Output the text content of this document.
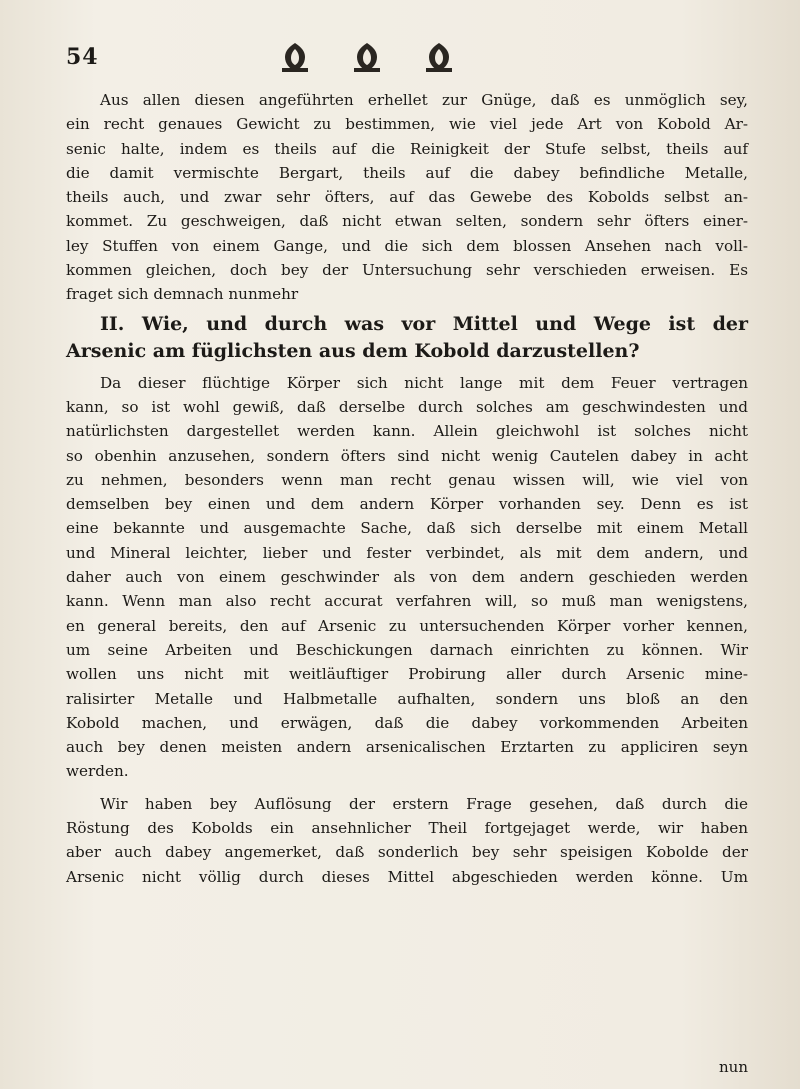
54

Aus allen diesen angeführten erhellet zur Gnüge, daß es unmöglich sey,
ein recht genaues Gewicht zu bestimmen, wie viel jede Art von Kobold Ar-
senic halte, indem es theils auf die Reinigkeit der Stufe selbst, theils auf
die damit vermischte Bergart, theils auf die dabey befindliche Metalle,
theils auch, und zwar sehr öfters, auf das Gewebe des Kobolds selbst an-
kommet. Zu geschweigen, daß nicht etwan selten, sondern sehr öfters einer-
ley Stuffen von einem Gange, und die sich dem blossen Ansehen nach voll-
kommen gleichen, doch bey der Untersuchung sehr verschieden erweisen. Es
fraget sich demnach nunmehr

II. Wie, und durch was vor Mittel und Wege ist der
Arsenic am füglichsten aus dem Kobold darzustellen?

Da dieser flüchtige Körper sich nicht lange mit dem Feuer vertragen
kann, so ist wohl gewiß, daß derselbe durch solches am geschwindesten und
natürlichsten dargestellet werden kann. Allein gleichwohl ist solches nicht
so obenhin anzusehen, sondern öfters sind nicht wenig Cautelen dabey in acht
zu nehmen, besonders wenn man recht genau wissen will, wie viel von
demselben bey einen und dem andern Körper vorhanden sey. Denn es ist
eine bekannte und ausgemachte Sache, daß sich derselbe mit einem Metall
und Mineral leichter, lieber und fester verbindet, als mit dem andern, und
daher auch von einem geschwinder als von dem andern geschieden werden
kann. Wenn man also recht accurat verfahren will, so muß man wenigstens,
en general bereits, den auf Arsenic zu untersuchenden Körper vorher kennen,
um seine Arbeiten und Beschickungen darnach einrichten zu können. Wir
wollen uns nicht mit weitläuftiger Probirung aller durch Arsenic mine-
ralisirter Metalle und Halbmetalle aufhalten, sondern uns bloß an den
Kobold machen, und erwägen, daß die dabey vorkommenden Arbeiten
auch bey denen meisten andern arsenicalischen Erztarten zu appliciren seyn
werden.

Wir haben bey Auflösung der erstern Frage gesehen, daß durch die
Röstung des Kobolds ein ansehnlicher Theil fortgejaget werde, wir haben
aber auch dabey angemerket, daß sonderlich bey sehr speisigen Kobolde der
Arsenic nicht völlig durch dieses Mittel abgeschieden werden könne. Um

nun
